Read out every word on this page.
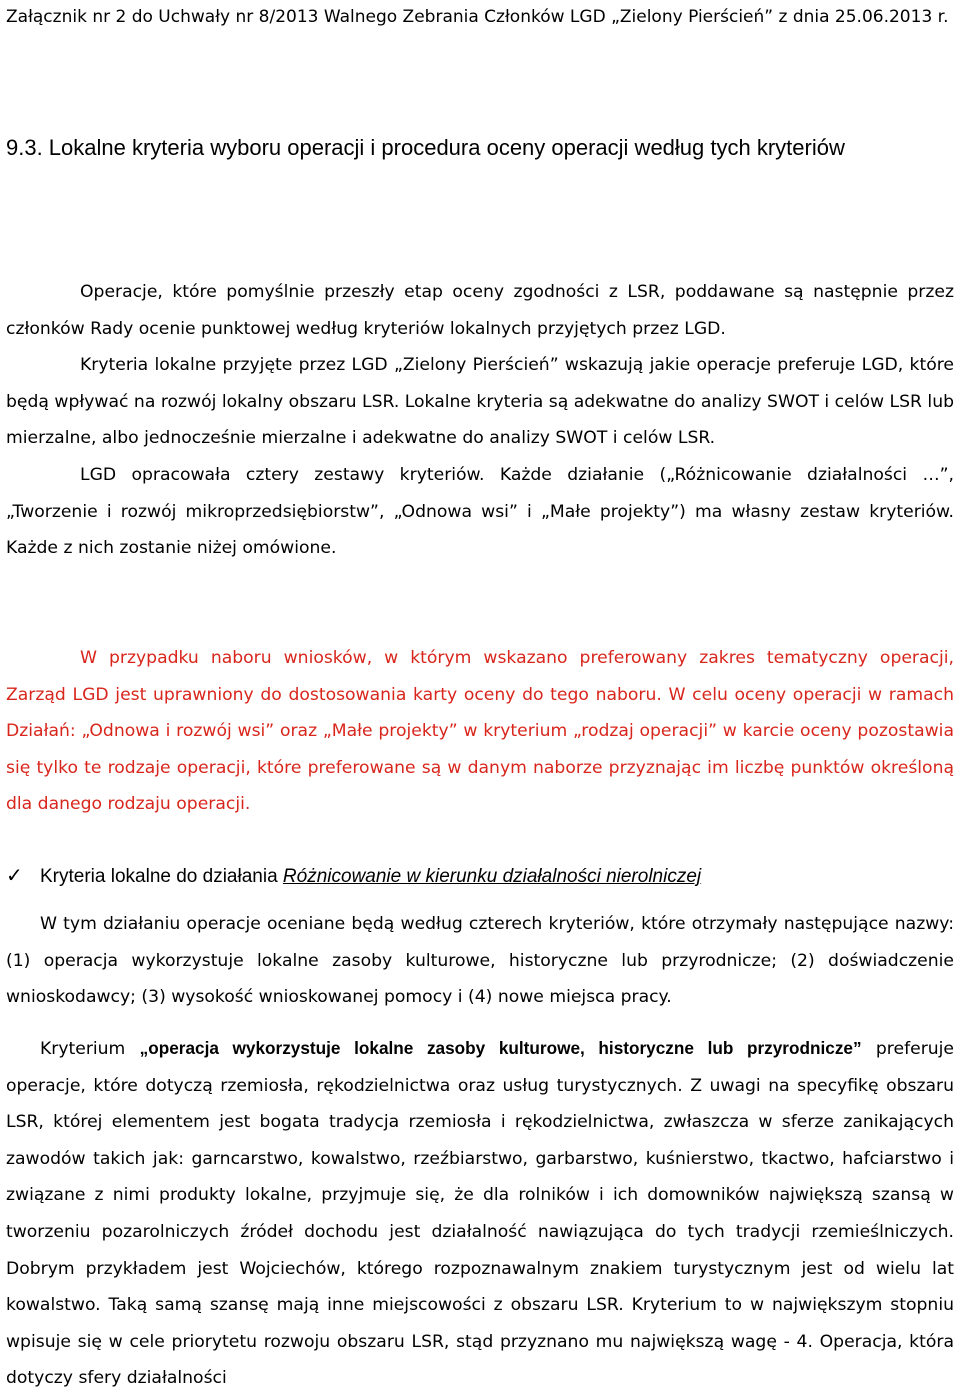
Załącznik nr 2 do Uchwały nr 8/2013 Walnego Zebrania Członków LGD „Zielony Pierścień” z dnia 25.06.2013 r.

9.3. Lokalne kryteria wyboru operacji i procedura oceny operacji według tych kryteriów

Operacje, które pomyślnie przeszły etap oceny zgodności z LSR, poddawane są następnie przez członków Rady ocenie punktowej według kryteriów lokalnych przyjętych przez LGD.

Kryteria lokalne przyjęte przez LGD „Zielony Pierścień” wskazują jakie operacje preferuje LGD, które będą wpływać na rozwój lokalny obszaru LSR. Lokalne kryteria są adekwatne do analizy SWOT i celów LSR lub mierzalne, albo jednocześnie mierzalne i adekwatne do analizy SWOT i celów LSR.

LGD opracowała cztery zestawy kryteriów. Każde działanie („Różnicowanie działalności …”, „Tworzenie i rozwój mikroprzedsiębiorstw”, „Odnowa wsi” i „Małe projekty”) ma własny zestaw kryteriów. Każde z nich zostanie niżej omówione.

W przypadku naboru wniosków, w którym wskazano preferowany zakres tematyczny operacji, Zarząd LGD jest uprawniony do dostosowania karty oceny do tego naboru. W celu oceny operacji w ramach Działań: „Odnowa i rozwój wsi” oraz „Małe projekty” w kryterium „rodzaj operacji” w karcie oceny pozostawia się tylko te rodzaje operacji, które preferowane są w danym naborze przyznając im liczbę punktów określoną dla danego rodzaju operacji.

✓ Kryteria lokalne do działania Różnicowanie w kierunku działalności nierolniczej

W tym działaniu operacje oceniane będą według czterech kryteriów, które otrzymały następujące nazwy: (1) operacja wykorzystuje lokalne zasoby kulturowe, historyczne lub przyrodnicze; (2) doświadczenie wnioskodawcy; (3) wysokość wnioskowanej pomocy i (4) nowe miejsca pracy.

Kryterium „operacja wykorzystuje lokalne zasoby kulturowe, historyczne lub przyrodnicze” preferuje operacje, które dotyczą rzemiosła, rękodzielnictwa oraz usług turystycznych. Z uwagi na specyfikę obszaru LSR, której elementem jest bogata tradycja rzemiosła i rękodzielnictwa, zwłaszcza w sferze zanikających zawodów takich jak: garncarstwo, kowalstwo, rzeźbiarstwo, garbarstwo, kuśnierstwo, tkactwo, hafciarstwo i związane z nimi produkty lokalne, przyjmuje się, że dla rolników i ich domowników największą szansą w tworzeniu pozarolniczych źródeł dochodu jest działalność nawiązująca do tych tradycji rzemieślniczych. Dobrym przykładem jest Wojciechów, którego rozpoznawalnym znakiem turystycznym jest od wielu lat kowalstwo. Taką samą szansę mają inne miejscowości z obszaru LSR. Kryterium to w największym stopniu wpisuje się w cele priorytetu rozwoju obszaru LSR, stąd przyznano mu największą wagę - 4. Operacja, która dotyczy sfery działalności
